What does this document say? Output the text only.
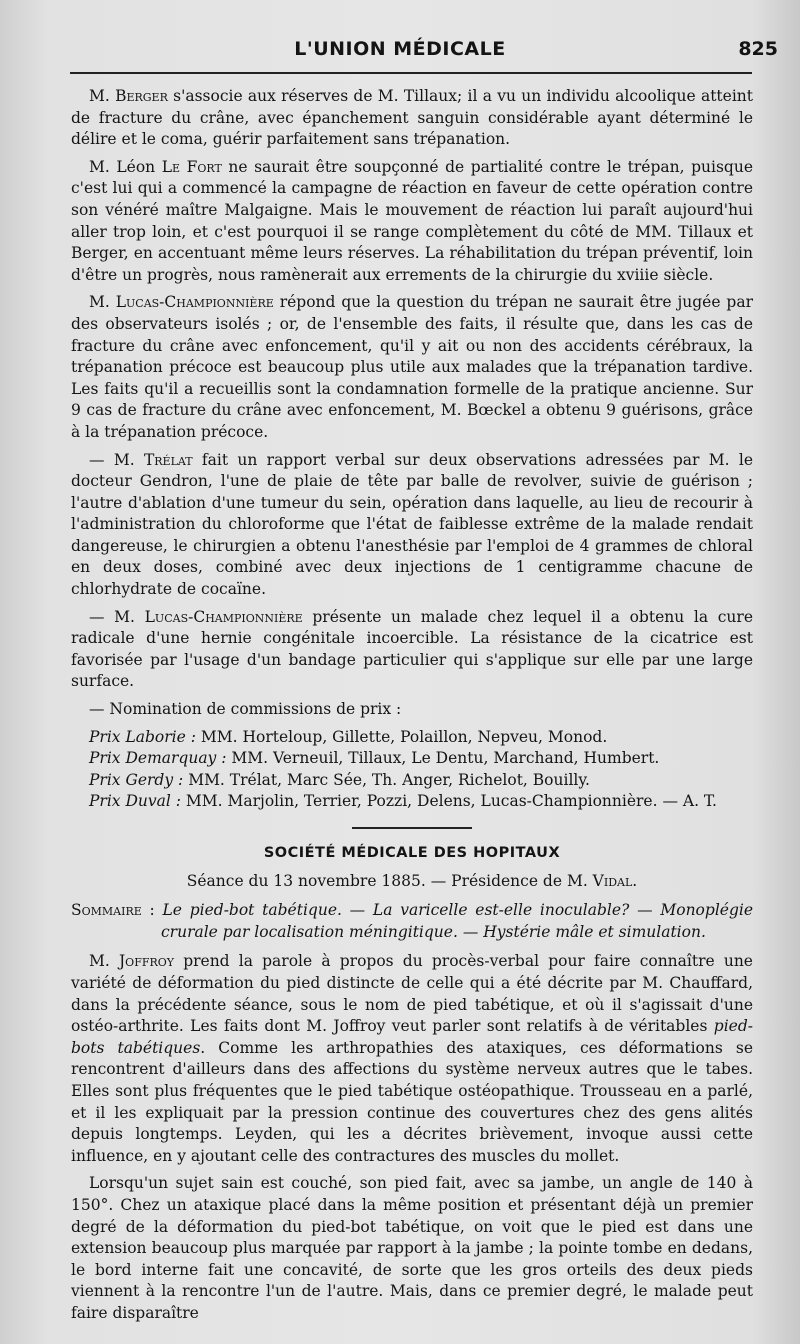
L'UNION MÉDICALE	825

M. Berger s'associe aux réserves de M. Tillaux; il a vu un individu alcoolique atteint de fracture du crâne, avec épanchement sanguin considérable ayant déterminé le délire et le coma, guérir parfaitement sans trépanation.

M. Léon Le Fort ne saurait être soupçonné de partialité contre le trépan, puisque c'est lui qui a commencé la campagne de réaction en faveur de cette opération contre son vénéré maître Malgaigne. Mais le mouvement de réaction lui paraît aujourd'hui aller trop loin, et c'est pourquoi il se range complètement du côté de MM. Tillaux et Berger, en accentuant même leurs réserves. La réhabilitation du trépan préventif, loin d'être un progrès, nous ramènerait aux errements de la chirurgie du xviiie siècle.

M. Lucas-Championnière répond que la question du trépan ne saurait être jugée par des observateurs isolés ; or, de l'ensemble des faits, il résulte que, dans les cas de fracture du crâne avec enfoncement, qu'il y ait ou non des accidents cérébraux, la trépanation précoce est beaucoup plus utile aux malades que la trépanation tardive. Les faits qu'il a recueillis sont la condamnation formelle de la pratique ancienne. Sur 9 cas de fracture du crâne avec enfoncement, M. Bœckel a obtenu 9 guérisons, grâce à la trépanation précoce.

— M. Trélat fait un rapport verbal sur deux observations adressées par M. le docteur Gendron, l'une de plaie de tête par balle de revolver, suivie de guérison ; l'autre d'ablation d'une tumeur du sein, opération dans laquelle, au lieu de recourir à l'administration du chloroforme que l'état de faiblesse extrême de la malade rendait dangereuse, le chirurgien a obtenu l'anesthésie par l'emploi de 4 grammes de chloral en deux doses, combiné avec deux injections de 1 centigramme chacune de chlorhydrate de cocaïne.

— M. Lucas-Championnière présente un malade chez lequel il a obtenu la cure radicale d'une hernie congénitale incoercible. La résistance de la cicatrice est favorisée par l'usage d'un bandage particulier qui s'applique sur elle par une large surface.

— Nomination de commissions de prix :

Prix Laborie : MM. Horteloup, Gillette, Polaillon, Nepveu, Monod.
Prix Demarquay : MM. Verneuil, Tillaux, Le Dentu, Marchand, Humbert.
Prix Gerdy : MM. Trélat, Marc Sée, Th. Anger, Richelot, Bouilly.
Prix Duval : MM. Marjolin, Terrier, Pozzi, Delens, Lucas-Championnière. — A. T.
SOCIÉTÉ MÉDICALE DES HOPITAUX
Séance du 13 novembre 1885. — Présidence de M. Vidal.
Sommaire : Le pied-bot tabétique. — La varicelle est-elle inoculable? — Monoplégie crurale par localisation méningitique. — Hystérie mâle et simulation.

M. Joffroy prend la parole à propos du procès-verbal pour faire connaître une variété de déformation du pied distincte de celle qui a été décrite par M. Chauffard, dans la précédente séance, sous le nom de pied tabétique, et où il s'agissait d'une ostéo-arthrite. Les faits dont M. Joffroy veut parler sont relatifs à de véritables pied-bots tabétiques. Comme les arthropathies des ataxiques, ces déformations se rencontrent d'ailleurs dans des affections du système nerveux autres que le tabes. Elles sont plus fréquentes que le pied tabétique ostéopathique. Trousseau en a parlé, et il les expliquait par la pression continue des couvertures chez des gens alités depuis longtemps. Leyden, qui les a décrites brièvement, invoque aussi cette influence, en y ajoutant celle des contractures des muscles du mollet.

Lorsqu'un sujet sain est couché, son pied fait, avec sa jambe, un angle de 140 à 150°. Chez un ataxique placé dans la même position et présentant déjà un premier degré de la déformation du pied-bot tabétique, on voit que le pied est dans une extension beaucoup plus marquée par rapport à la jambe ; la pointe tombe en dedans, le bord interne fait une concavité, de sorte que les gros orteils des deux pieds viennent à la rencontre l'un de l'autre. Mais, dans ce premier degré, le malade peut faire disparaître
